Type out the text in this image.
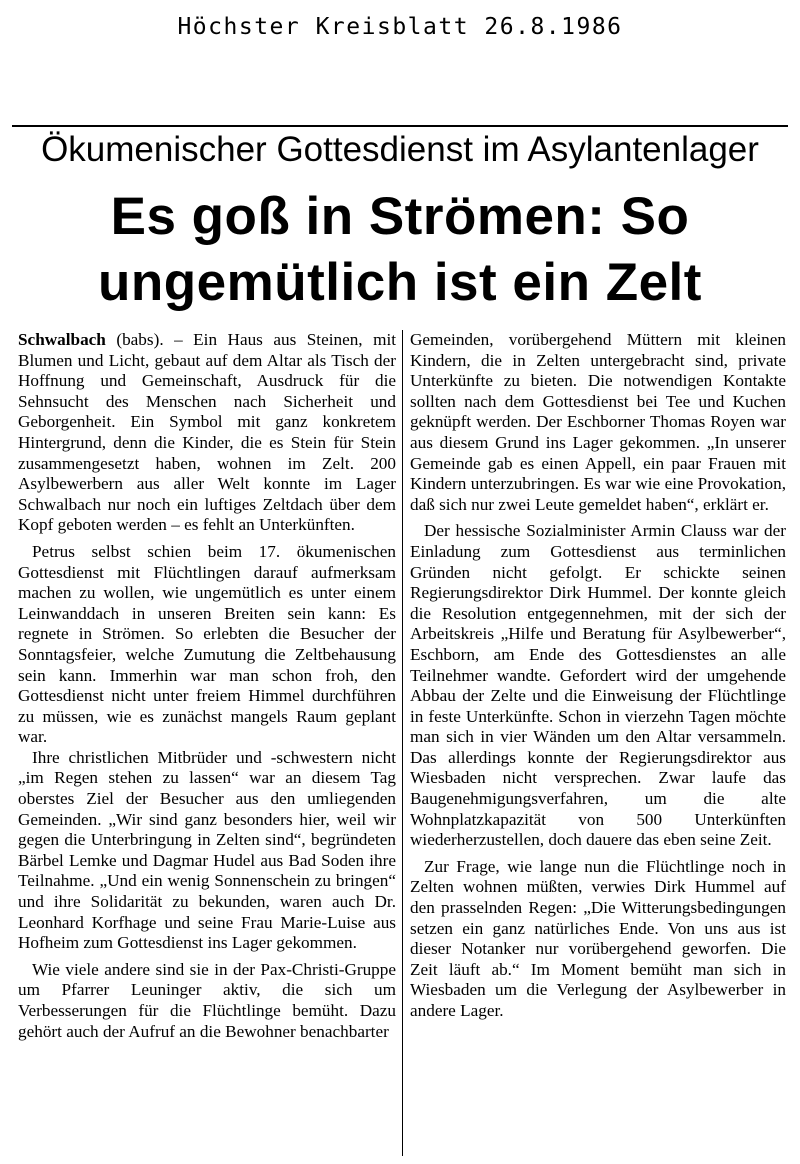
Höchster Kreisblatt 26.8.1986
Ökumenischer Gottesdienst im Asylantenlager
Es goß in Strömen: So
ungemütlich ist ein Zelt

Schwalbach (babs). – Ein Haus aus Steinen, mit Blumen und Licht, gebaut auf dem Altar als Tisch der Hoffnung und Gemeinschaft, Ausdruck für die Sehnsucht des Menschen nach Sicherheit und Geborgenheit. Ein Symbol mit ganz konkretem Hintergrund, denn die Kinder, die es Stein für Stein zusammengesetzt haben, wohnen im Zelt. 200 Asylbewerbern aus aller Welt konnte im Lager Schwalbach nur noch ein luftiges Zeltdach über dem Kopf geboten werden – es fehlt an Unterkünften.

Petrus selbst schien beim 17. ökumenischen Gottesdienst mit Flüchtlingen darauf aufmerksam machen zu wollen, wie ungemütlich es unter einem Leinwanddach in unseren Breiten sein kann: Es regnete in Strömen. So erlebten die Besucher der Sonntagsfeier, welche Zumutung die Zeltbehausung sein kann. Immerhin war man schon froh, den Gottesdienst nicht unter freiem Himmel durchführen zu müssen, wie es zunächst mangels Raum geplant war.

Ihre christlichen Mitbrüder und -schwestern nicht „im Regen stehen zu lassen“ war an diesem Tag oberstes Ziel der Besucher aus den umliegenden Gemeinden. „Wir sind ganz besonders hier, weil wir gegen die Unterbringung in Zelten sind“, begründeten Bärbel Lemke und Dagmar Hudel aus Bad Soden ihre Teilnahme. „Und ein wenig Sonnenschein zu bringen“ und ihre Solidarität zu bekunden, waren auch Dr. Leonhard Korfhage und seine Frau Marie-Luise aus Hofheim zum Gottesdienst ins Lager gekommen.

Wie viele andere sind sie in der Pax-Christi-Gruppe um Pfarrer Leuninger aktiv, die sich um Verbesserungen für die Flüchtlinge bemüht. Dazu gehört auch der Aufruf an die Bewohner benachbarter

Gemeinden, vorübergehend Müttern mit kleinen Kindern, die in Zelten untergebracht sind, private Unterkünfte zu bieten. Die notwendigen Kontakte sollten nach dem Gottesdienst bei Tee und Kuchen geknüpft werden. Der Eschborner Thomas Royen war aus diesem Grund ins Lager gekommen. „In unserer Gemeinde gab es einen Appell, ein paar Frauen mit Kindern unterzubringen. Es war wie eine Provokation, daß sich nur zwei Leute gemeldet haben“, erklärt er.

Der hessische Sozialminister Armin Clauss war der Einladung zum Gottesdienst aus terminlichen Gründen nicht gefolgt. Er schickte seinen Regierungsdirektor Dirk Hummel. Der konnte gleich die Resolution entgegennehmen, mit der sich der Arbeitskreis „Hilfe und Beratung für Asylbewerber“, Eschborn, am Ende des Gottesdienstes an alle Teilnehmer wandte. Gefordert wird der umgehende Abbau der Zelte und die Einweisung der Flüchtlinge in feste Unterkünfte. Schon in vierzehn Tagen möchte man sich in vier Wänden um den Altar versammeln. Das allerdings konnte der Regierungsdirektor aus Wiesbaden nicht versprechen. Zwar laufe das Baugenehmigungsverfahren, um die alte Wohnplatzkapazität von 500 Unterkünften wiederherzustellen, doch dauere das eben seine Zeit.

Zur Frage, wie lange nun die Flüchtlinge noch in Zelten wohnen müßten, verwies Dirk Hummel auf den prasselnden Regen: „Die Witterungsbedingungen setzen ein ganz natürliches Ende. Von uns aus ist dieser Notanker nur vorübergehend geworfen. Die Zeit läuft ab.“ Im Moment bemüht man sich in Wiesbaden um die Verlegung der Asylbewerber in andere Lager.
